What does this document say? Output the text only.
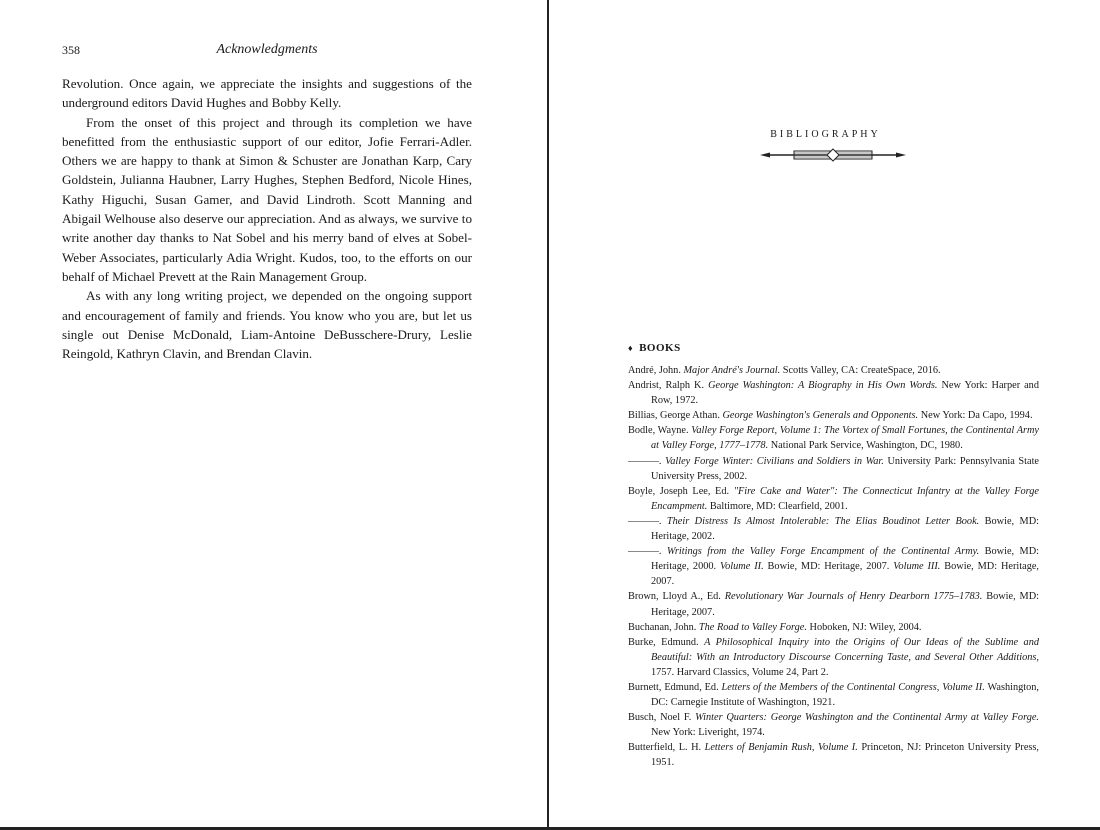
358	Acknowledgments

Revolution. Once again, we appreciate the insights and suggestions of the underground editors David Hughes and Bobby Kelly.

From the onset of this project and through its completion we have benefitted from the enthusiastic support of our editor, Jofie Ferrari-Adler. Others we are happy to thank at Simon & Schuster are Jonathan Karp, Cary Goldstein, Julianna Haubner, Larry Hughes, Stephen Bedford, Nicole Hines, Kathy Higuchi, Susan Gamer, and David Lindroth. Scott Manning and Abigail Welhouse also deserve our appreciation. And as always, we survive to write another day thanks to Nat Sobel and his merry band of elves at Sobel-Weber Associates, particularly Adia Wright. Kudos, too, to the efforts on our behalf of Michael Prevett at the Rain Management Group.

As with any long writing project, we depended on the ongoing support and encouragement of family and friends. You know who you are, but let us single out Denise McDonald, Liam-Antoine DeBusschere-Drury, Leslie Reingold, Kathryn Clavin, and Brendan Clavin.

BIBLIOGRAPHY
♦ BOOKS

André, John. Major André's Journal. Scotts Valley, CA: CreateSpace, 2016.

Andrist, Ralph K. George Washington: A Biography in His Own Words. New York: Harper and Row, 1972.

Billias, George Athan. George Washington's Generals and Opponents. New York: Da Capo, 1994.

Bodle, Wayne. Valley Forge Report, Volume 1: The Vortex of Small Fortunes, the Continental Army at Valley Forge, 1777–1778. National Park Service, Washington, DC, 1980.

———. Valley Forge Winter: Civilians and Soldiers in War. University Park: Pennsylvania State University Press, 2002.

Boyle, Joseph Lee, Ed. "Fire Cake and Water": The Connecticut Infantry at the Valley Forge Encampment. Baltimore, MD: Clearfield, 2001.

———. Their Distress Is Almost Intolerable: The Elias Boudinot Letter Book. Bowie, MD: Heritage, 2002.

———. Writings from the Valley Forge Encampment of the Continental Army. Bowie, MD: Heritage, 2000. Volume II. Bowie, MD: Heritage, 2007. Volume III. Bowie, MD: Heritage, 2007.

Brown, Lloyd A., Ed. Revolutionary War Journals of Henry Dearborn 1775–1783. Bowie, MD: Heritage, 2007.

Buchanan, John. The Road to Valley Forge. Hoboken, NJ: Wiley, 2004.

Burke, Edmund. A Philosophical Inquiry into the Origins of Our Ideas of the Sublime and Beautiful: With an Introductory Discourse Concerning Taste, and Several Other Additions, 1757. Harvard Classics, Volume 24, Part 2.

Burnett, Edmund, Ed. Letters of the Members of the Continental Congress, Volume II. Washington, DC: Carnegie Institute of Washington, 1921.

Busch, Noel F. Winter Quarters: George Washington and the Continental Army at Valley Forge. New York: Liveright, 1974.

Butterfield, L. H. Letters of Benjamin Rush, Volume I. Princeton, NJ: Princeton University Press, 1951.
